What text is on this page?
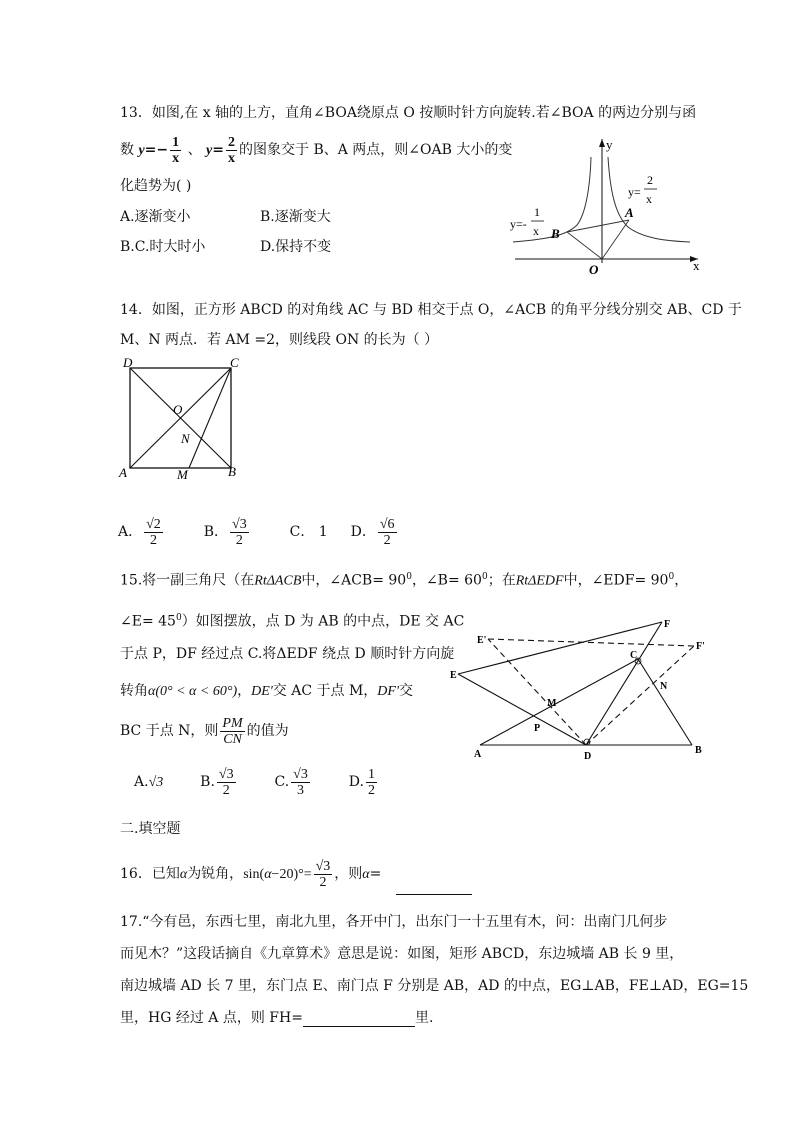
13．如图,在 x 轴的上方，直角∠BOA绕原点 O 按顺时针方向旋转.若∠BOA 的两边分别与函
数 $y=- \frac{1}{x}$ 、 $y= \frac{2}{x}$ 的图象交于 B、A 两点，则∠OAB 大小的变
化趋势为( )
A.逐渐变小	B.逐渐变大
B.C.时大时小	D.保持不变
y
x
O
A
B
y=-
1
x
y=
2
x
14．如图，正方形 ABCD 的对角线 AC 与 BD 相交于点 O，∠ACB 的角平分线分别交 AB、CD 于
M、N 两点．若 AM =2，则线段 ON 的长为（ ）
D	C
O
N
A	M	B
A． $\frac{√2}{2}$	B． $\frac{√3}{2}$	C． 1 D． $\frac{√6}{2}$
15.将一副三角尺（在RtΔACB中，∠ACB= $90^0$，∠B= $60^0$；在RtΔEDF中，∠EDF= $90^0$，
∠E= $45^0$）如图摆放，点 D 为 AB 的中点，DE 交 AC
于点 P，DF 经过点 C.将ΔEDF 绕点 D 顺时针方向旋
转角α(0° < α < 60°)，DE'交 AC 于点 M，DF'交
BC 于点 N，则 $\frac{PM}{CN}$ 的值为
A.√3	B. $\frac{√3}{2}$	C. $\frac{√3}{3}$	D. $\frac{1}{2}$
E'
F
F'
C
E
N
M
P
A	D
B
二.填空题
16．已知α为锐角，$\sin(\alpha-20)^\circ= \frac{√3}{2}$ ，则α=
17.“今有邑，东西七里，南北九里，各开中门，出东门一十五里有木，问：出南门几何步
而见木？”这段话摘自《九章算术》意思是说：如图，矩形 ABCD，东边城墙 AB 长 9 里，
南边城墙 AD 长 7 里，东门点 E、南门点 F 分别是 AB，AD 的中点，EG⊥AB，FE⊥AD，EG=15
里，HG 经过 A 点，则 FH=	里.
